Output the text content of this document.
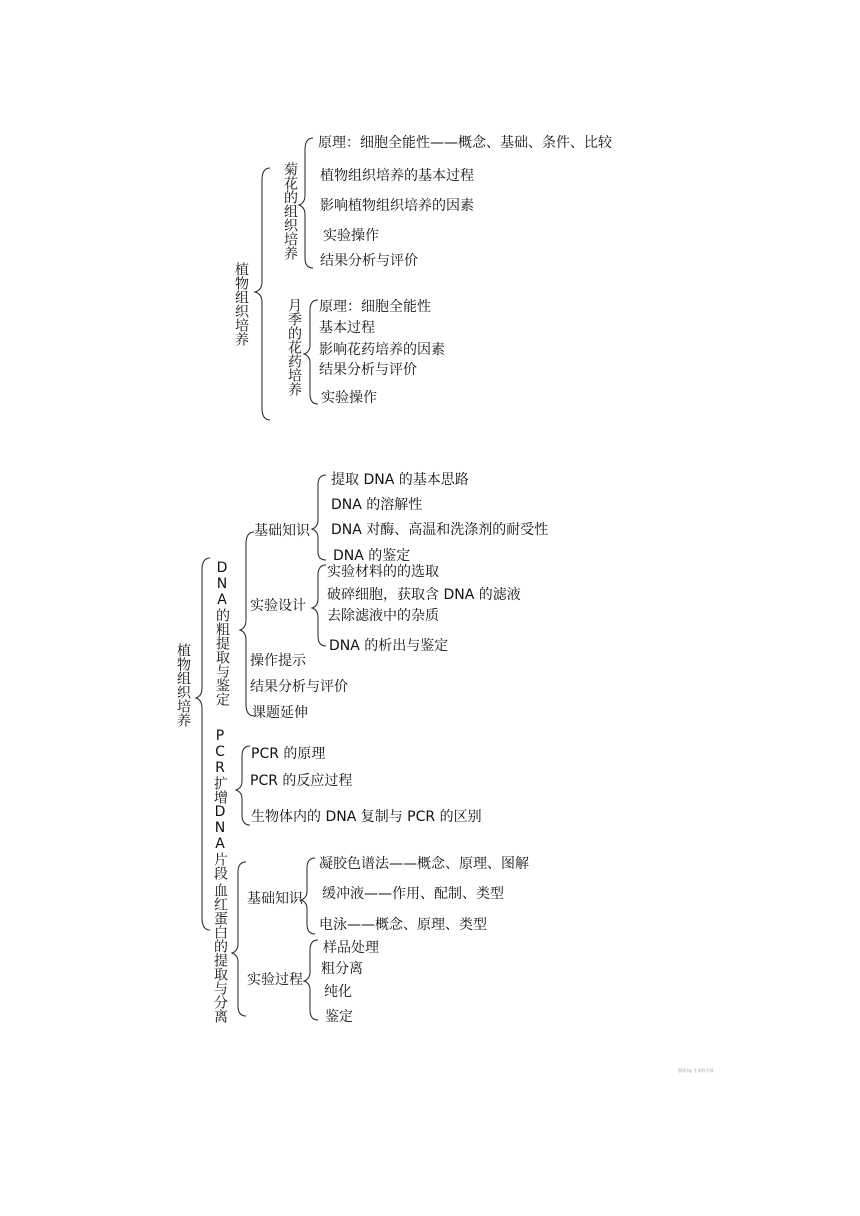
植物组织培养
菊花的组织培养
月季的花药培养
原理：细胞全能性——概念、基础、条件、比较
植物组织培养的基本过程
影响植物组织培养的因素
实验操作
结果分析与评价
原理：细胞全能性
基本过程
影响花药培养的因素
结果分析与评价
实验操作
植物组织培养 DNA的粗提取与鉴定
基础知识
提取 DNA 的基本思路
DNA 的溶解性
DNA 对酶、高温和洗涤剂的耐受性
DNA 的鉴定
实验设计
实验材料的的选取
破碎细胞，获取含 DNA 的滤液
去除滤液中的杂质
DNA 的析出与鉴定
操作提示
结果分析与评价
课题延伸
PCR扩增DNA片段 PCR 的原理
PCR 的反应过程
生物体内的 DNA 复制与 PCR 的区别
血红蛋白的提取与分离 基础知识
凝胶色谱法——概念、原理、图解
缓冲液——作用、配制、类型
电泳——概念、原理、类型
实验过程
样品处理
粗分离
纯化
鉴定
整理 by 生命科学网
